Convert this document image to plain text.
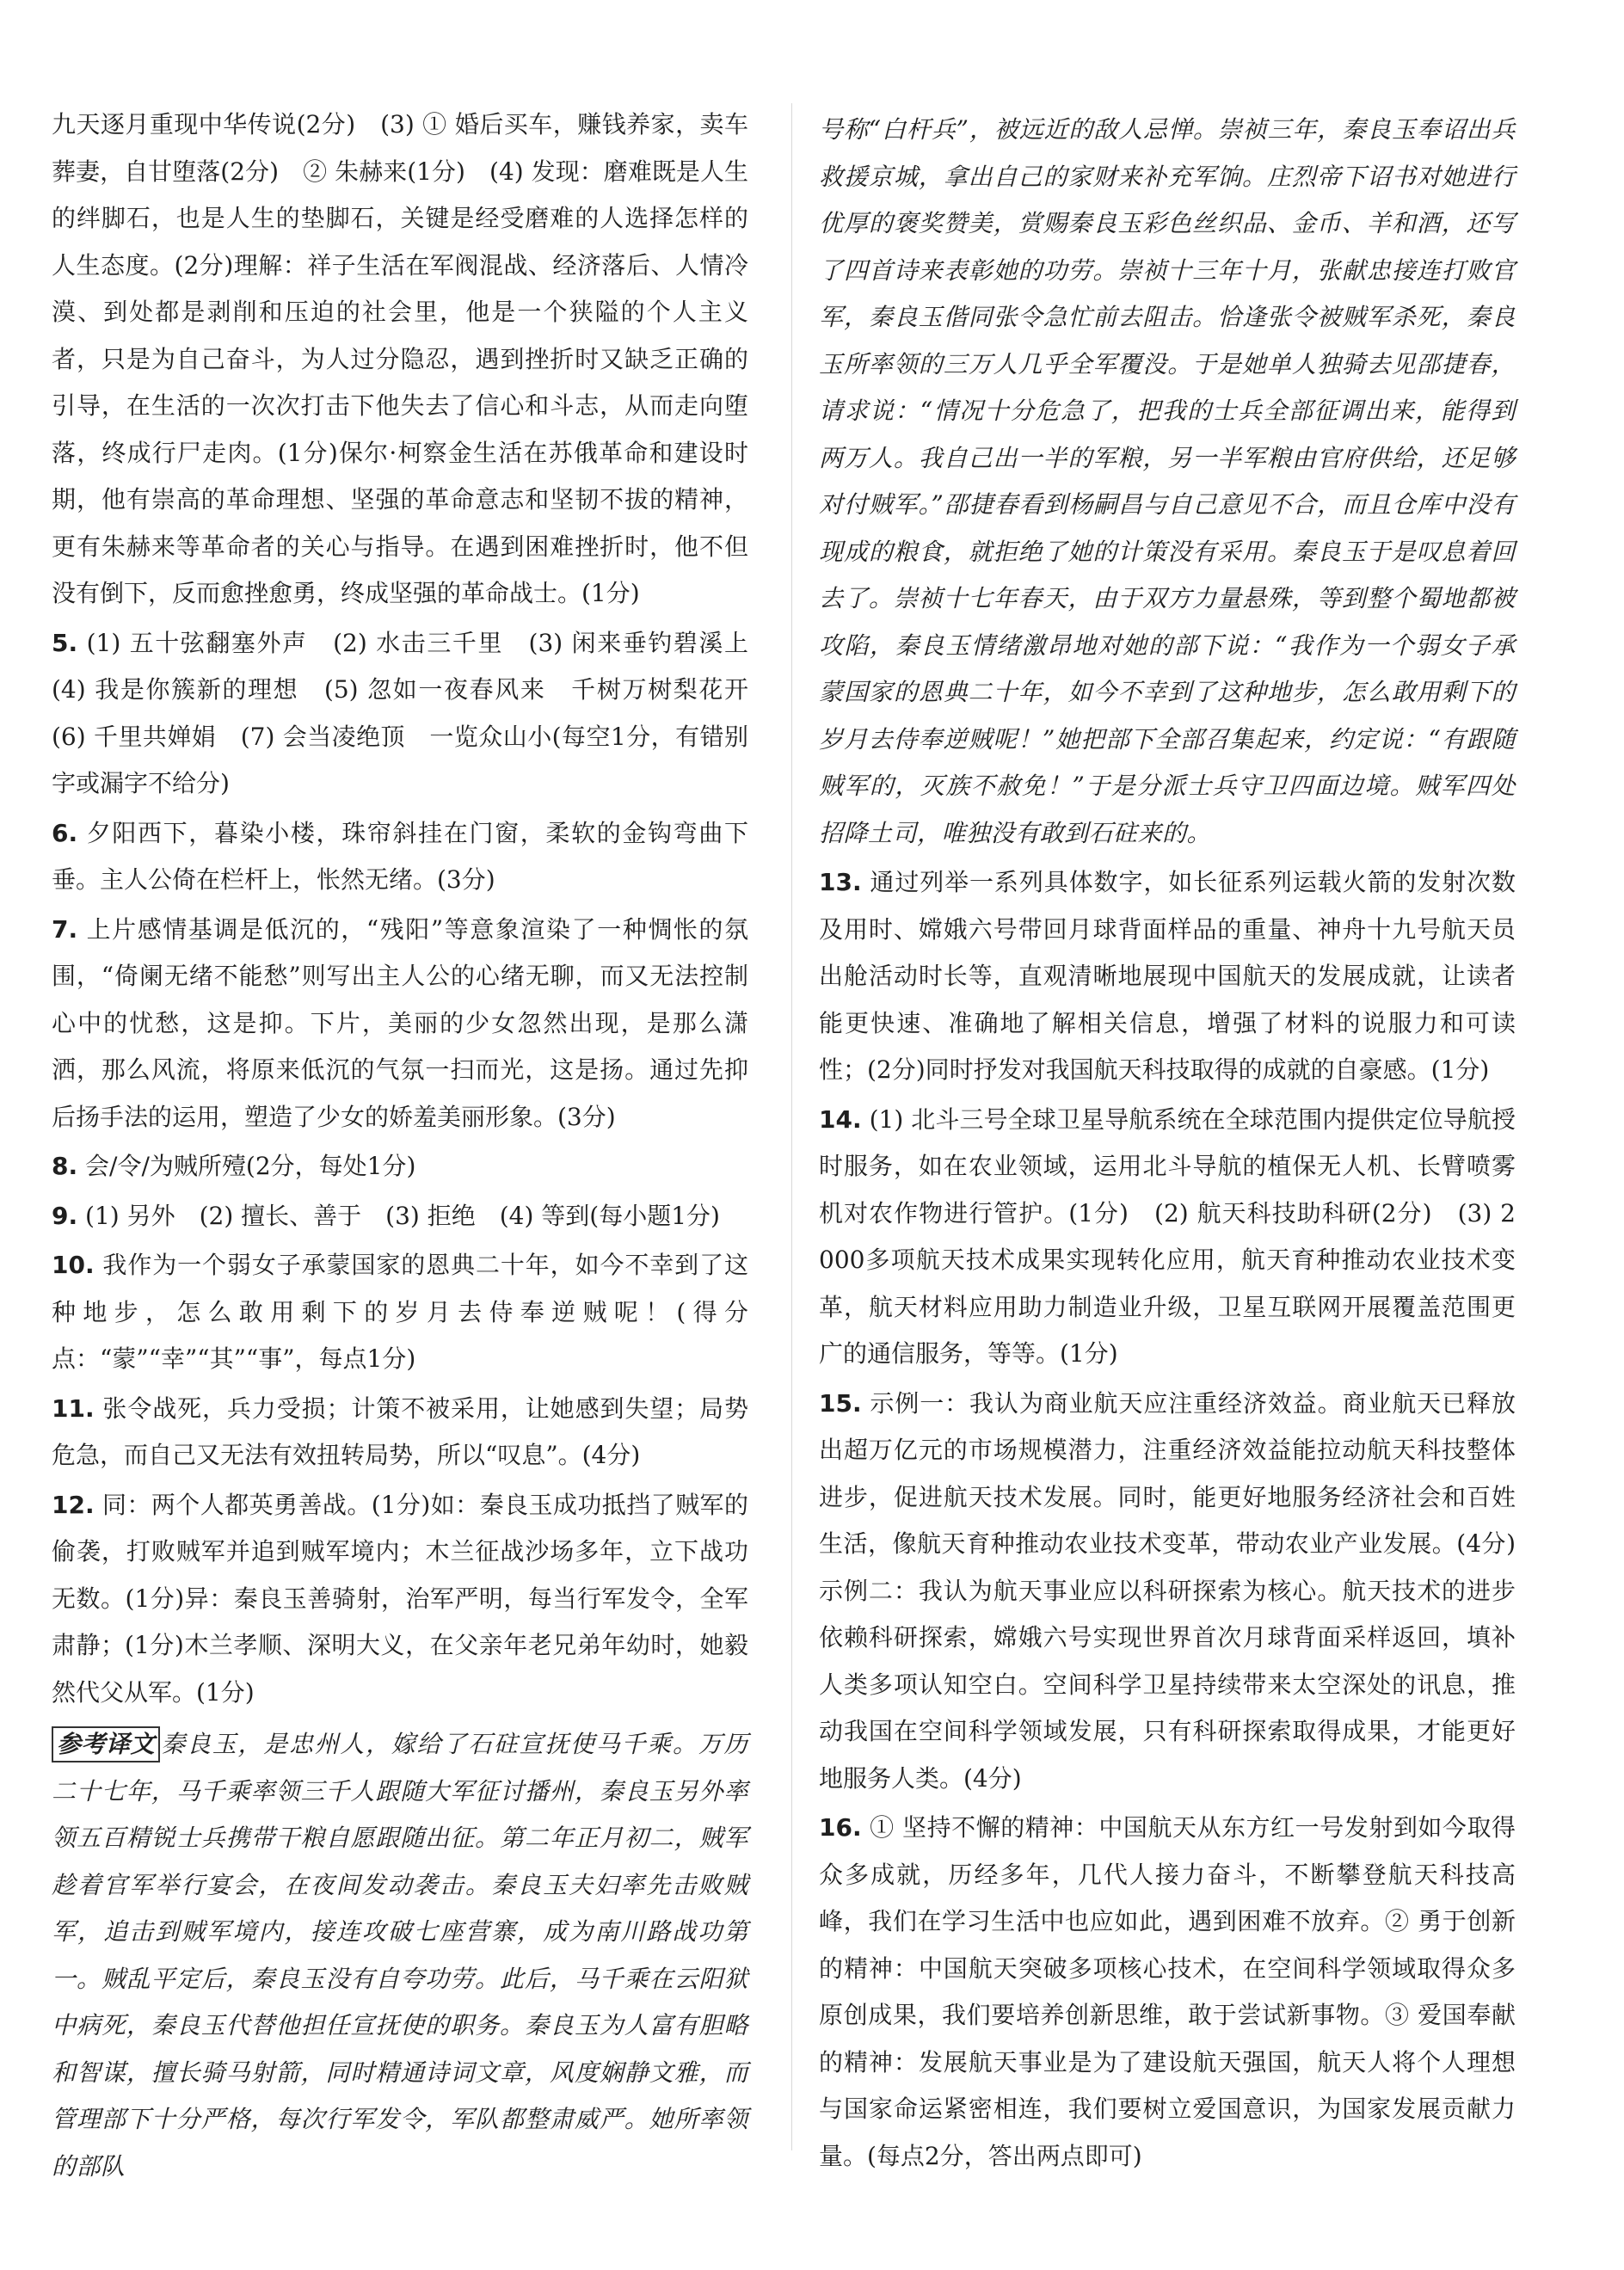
九天逐月重现中华传说(2分)　(3) ① 婚后买车，赚钱养家，卖车葬妻，自甘堕落(2分)　② 朱赫来(1分)　(4) 发现：磨难既是人生的绊脚石，也是人生的垫脚石，关键是经受磨难的人选择怎样的人生态度。(2分)理解：祥子生活在军阀混战、经济落后、人情冷漠、到处都是剥削和压迫的社会里，他是一个狭隘的个人主义者，只是为自己奋斗，为人过分隐忍，遇到挫折时又缺乏正确的引导，在生活的一次次打击下他失去了信心和斗志，从而走向堕落，终成行尸走肉。(1分)保尔·柯察金生活在苏俄革命和建设时期，他有崇高的革命理想、坚强的革命意志和坚韧不拔的精神，更有朱赫来等革命者的关心与指导。在遇到困难挫折时，他不但没有倒下，反而愈挫愈勇，终成坚强的革命战士。(1分)

5. (1) 五十弦翻塞外声　(2) 水击三千里　(3) 闲来垂钓碧溪上　(4) 我是你簇新的理想　(5) 忽如一夜春风来　千树万树梨花开　(6) 千里共婵娟　(7) 会当凌绝顶　一览众山小(每空1分，有错别字或漏字不给分)

6. 夕阳西下，暮染小楼，珠帘斜挂在门窗，柔软的金钩弯曲下垂。主人公倚在栏杆上，怅然无绪。(3分)

7. 上片感情基调是低沉的，“残阳”等意象渲染了一种惆怅的氛围，“倚阑无绪不能愁”则写出主人公的心绪无聊，而又无法控制心中的忧愁，这是抑。下片，美丽的少女忽然出现，是那么潇洒，那么风流，将原来低沉的气氛一扫而光，这是扬。通过先抑后扬手法的运用，塑造了少女的娇羞美丽形象。(3分)

8. 会/令/为贼所殪(2分，每处1分)

9. (1) 另外　(2) 擅长、善于　(3) 拒绝　(4) 等到(每小题1分)

10. 我作为一个弱女子承蒙国家的恩典二十年，如今不幸到了这种地步，怎么敢用剩下的岁月去侍奉逆贼呢！(得分点：“蒙”“幸”“其”“事”，每点1分)

11. 张令战死，兵力受损；计策不被采用，让她感到失望；局势危急，而自己又无法有效扭转局势，所以“叹息”。(4分)

12. 同：两个人都英勇善战。(1分)如：秦良玉成功抵挡了贼军的偷袭，打败贼军并追到贼军境内；木兰征战沙场多年，立下战功无数。(1分)异：秦良玉善骑射，治军严明，每当行军发令，全军肃静；(1分)木兰孝顺、深明大义，在父亲年老兄弟年幼时，她毅然代父从军。(1分)

参考译文 秦良玉，是忠州人，嫁给了石砫宣抚使马千乘。万历二十七年，马千乘率领三千人跟随大军征讨播州，秦良玉另外率领五百精锐士兵携带干粮自愿跟随出征。第二年正月初二，贼军趁着官军举行宴会，在夜间发动袭击。秦良玉夫妇率先击败贼军，追击到贼军境内，接连攻破七座营寨，成为南川路战功第一。贼乱平定后，秦良玉没有自夸功劳。此后，马千乘在云阳狱中病死，秦良玉代替他担任宣抚使的职务。秦良玉为人富有胆略和智谋，擅长骑马射箭，同时精通诗词文章，风度娴静文雅，而管理部下十分严格，每次行军发令，军队都整肃威严。她所率领的部队

号称“白杆兵”，被远近的敌人忌惮。崇祯三年，秦良玉奉诏出兵救援京城，拿出自己的家财来补充军饷。庄烈帝下诏书对她进行优厚的褒奖赞美，赏赐秦良玉彩色丝织品、金币、羊和酒，还写了四首诗来表彰她的功劳。崇祯十三年十月，张献忠接连打败官军，秦良玉偕同张令急忙前去阻击。恰逢张令被贼军杀死，秦良玉所率领的三万人几乎全军覆没。于是她单人独骑去见邵捷春，请求说：“情况十分危急了，把我的士兵全部征调出来，能得到两万人。我自己出一半的军粮，另一半军粮由官府供给，还足够对付贼军。”邵捷春看到杨嗣昌与自己意见不合，而且仓库中没有现成的粮食，就拒绝了她的计策没有采用。秦良玉于是叹息着回去了。崇祯十七年春天，由于双方力量悬殊，等到整个蜀地都被攻陷，秦良玉情绪激昂地对她的部下说：“我作为一个弱女子承蒙国家的恩典二十年，如今不幸到了这种地步，怎么敢用剩下的岁月去侍奉逆贼呢！”她把部下全部召集起来，约定说：“有跟随贼军的，灭族不赦免！”于是分派士兵守卫四面边境。贼军四处招降土司，唯独没有敢到石砫来的。

13. 通过列举一系列具体数字，如长征系列运载火箭的发射次数及用时、嫦娥六号带回月球背面样品的重量、神舟十九号航天员出舱活动时长等，直观清晰地展现中国航天的发展成就，让读者能更快速、准确地了解相关信息，增强了材料的说服力和可读性；(2分)同时抒发对我国航天科技取得的成就的自豪感。(1分)

14. (1) 北斗三号全球卫星导航系统在全球范围内提供定位导航授时服务，如在农业领域，运用北斗导航的植保无人机、长臂喷雾机对农作物进行管护。(1分)　(2) 航天科技助科研(2分)　(3) 2 000多项航天技术成果实现转化应用，航天育种推动农业技术变革，航天材料应用助力制造业升级，卫星互联网开展覆盖范围更广的通信服务，等等。(1分)

15. 示例一：我认为商业航天应注重经济效益。商业航天已释放出超万亿元的市场规模潜力，注重经济效益能拉动航天科技整体进步，促进航天技术发展。同时，能更好地服务经济社会和百姓生活，像航天育种推动农业技术变革，带动农业产业发展。(4分)　示例二：我认为航天事业应以科研探索为核心。航天技术的进步依赖科研探索，嫦娥六号实现世界首次月球背面采样返回，填补人类多项认知空白。空间科学卫星持续带来太空深处的讯息，推动我国在空间科学领域发展，只有科研探索取得成果，才能更好地服务人类。(4分)

16. ① 坚持不懈的精神：中国航天从东方红一号发射到如今取得众多成就，历经多年，几代人接力奋斗，不断攀登航天科技高峰，我们在学习生活中也应如此，遇到困难不放弃。② 勇于创新的精神：中国航天突破多项核心技术，在空间科学领域取得众多原创成果，我们要培养创新思维，敢于尝试新事物。③ 爱国奉献的精神：发展航天事业是为了建设航天强国，航天人将个人理想与国家命运紧密相连，我们要树立爱国意识，为国家发展贡献力量。(每点2分，答出两点即可)
